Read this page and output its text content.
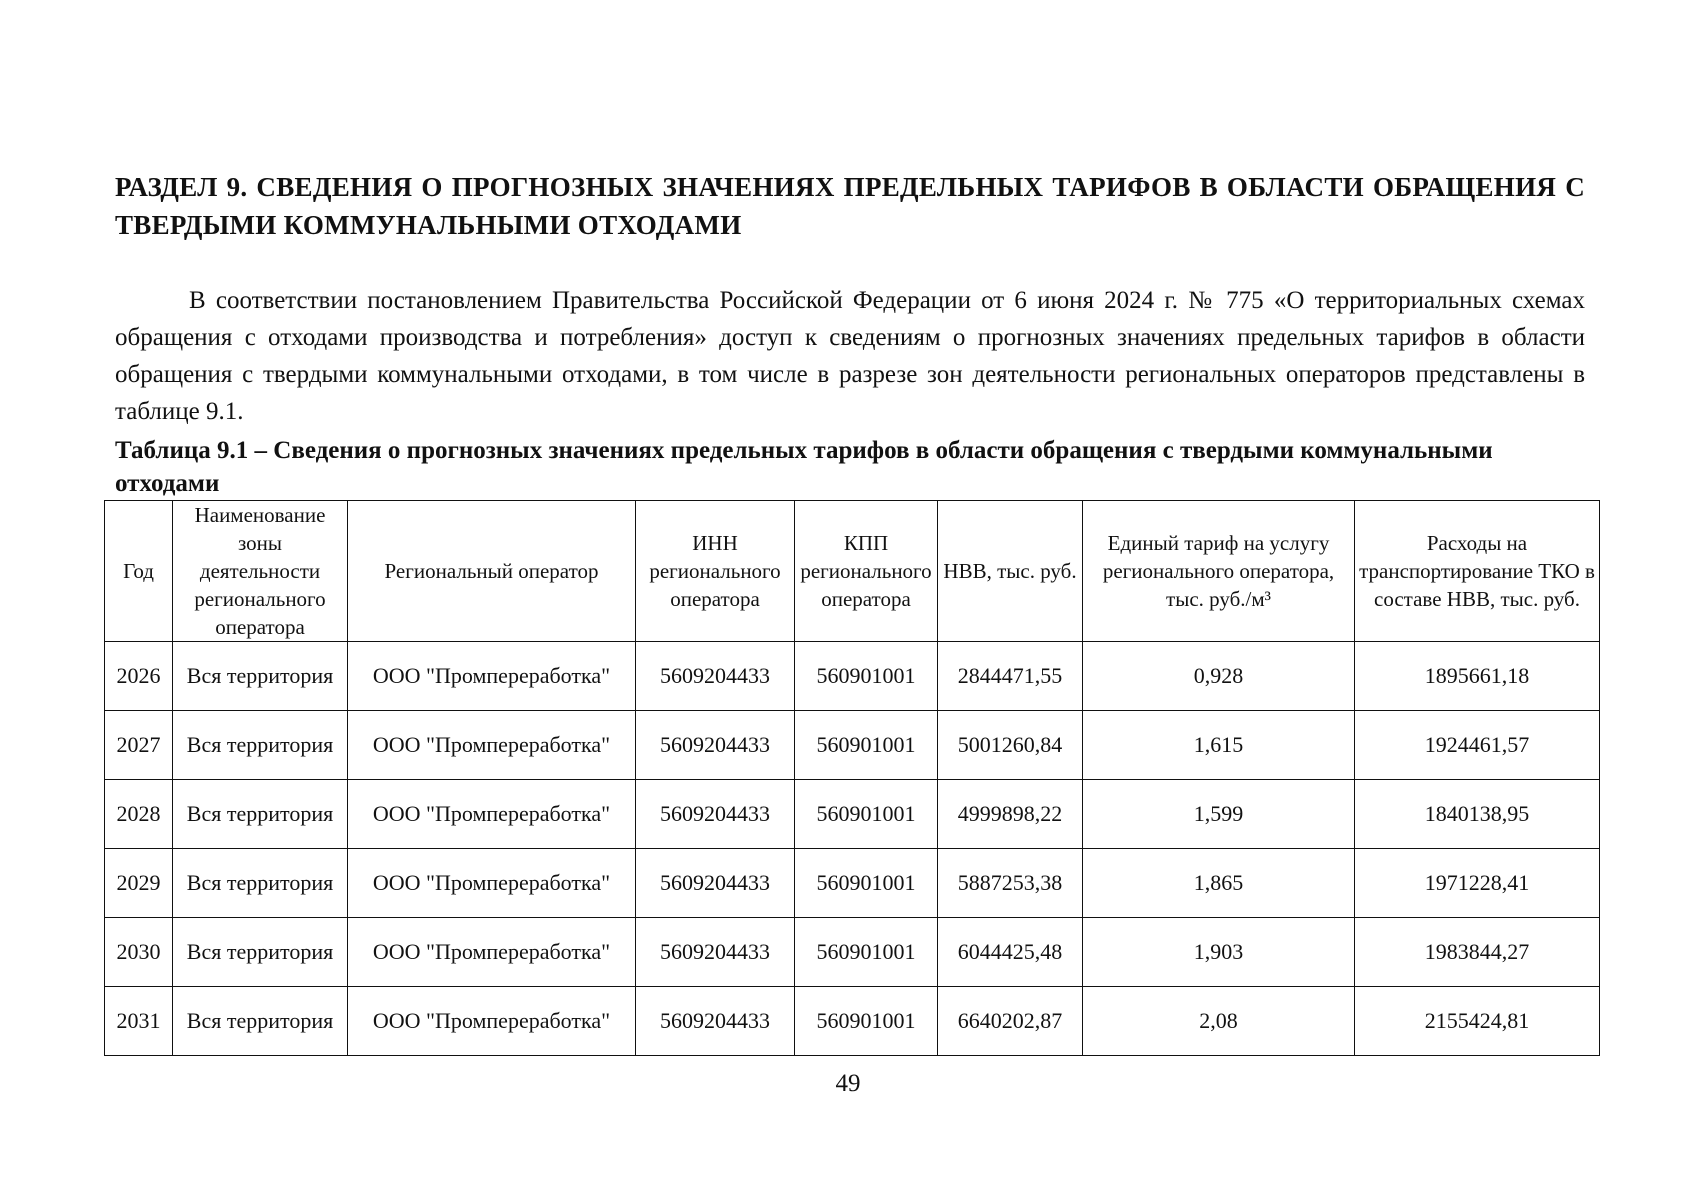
РАЗДЕЛ 9. СВЕДЕНИЯ О ПРОГНОЗНЫХ ЗНАЧЕНИЯХ ПРЕДЕЛЬНЫХ ТАРИФОВ В ОБЛАСТИ ОБРАЩЕНИЯ С ТВЕРДЫМИ КОММУНАЛЬНЫМИ ОТХОДАМИ
В соответствии постановлением Правительства Российской Федерации от 6 июня 2024 г. № 775 «О территориальных схемах обращения с отходами производства и потребления» доступ к сведениям о прогнозных значениях предельных тарифов в области обращения с твердыми коммунальными отходами, в том числе в разрезе зон деятельности региональных операторов представлены в таблице 9.1.
Таблица 9.1 – Сведения о прогнозных значениях предельных тарифов в области обращения с твердыми коммунальными отходами
Год	Наименование зоны деятельности регионального оператора	Региональный оператор	ИНН регионального оператора	КПП регионального оператора	НВВ, тыс. руб.	Единый тариф на услугу регионального оператора, тыс. руб./м³	Расходы на транспортирование ТКО в составе НВВ, тыс. руб.
2026	Вся территория	ООО "Промпереработка"	5609204433	560901001	2844471,55	0,928	1895661,18
2027	Вся территория	ООО "Промпереработка"	5609204433	560901001	5001260,84	1,615	1924461,57
2028	Вся территория	ООО "Промпереработка"	5609204433	560901001	4999898,22	1,599	1840138,95
2029	Вся территория	ООО "Промпереработка"	5609204433	560901001	5887253,38	1,865	1971228,41
2030	Вся территория	ООО "Промпереработка"	5609204433	560901001	6044425,48	1,903	1983844,27
2031	Вся территория	ООО "Промпереработка"	5609204433	560901001	6640202,87	2,08	2155424,81
49
